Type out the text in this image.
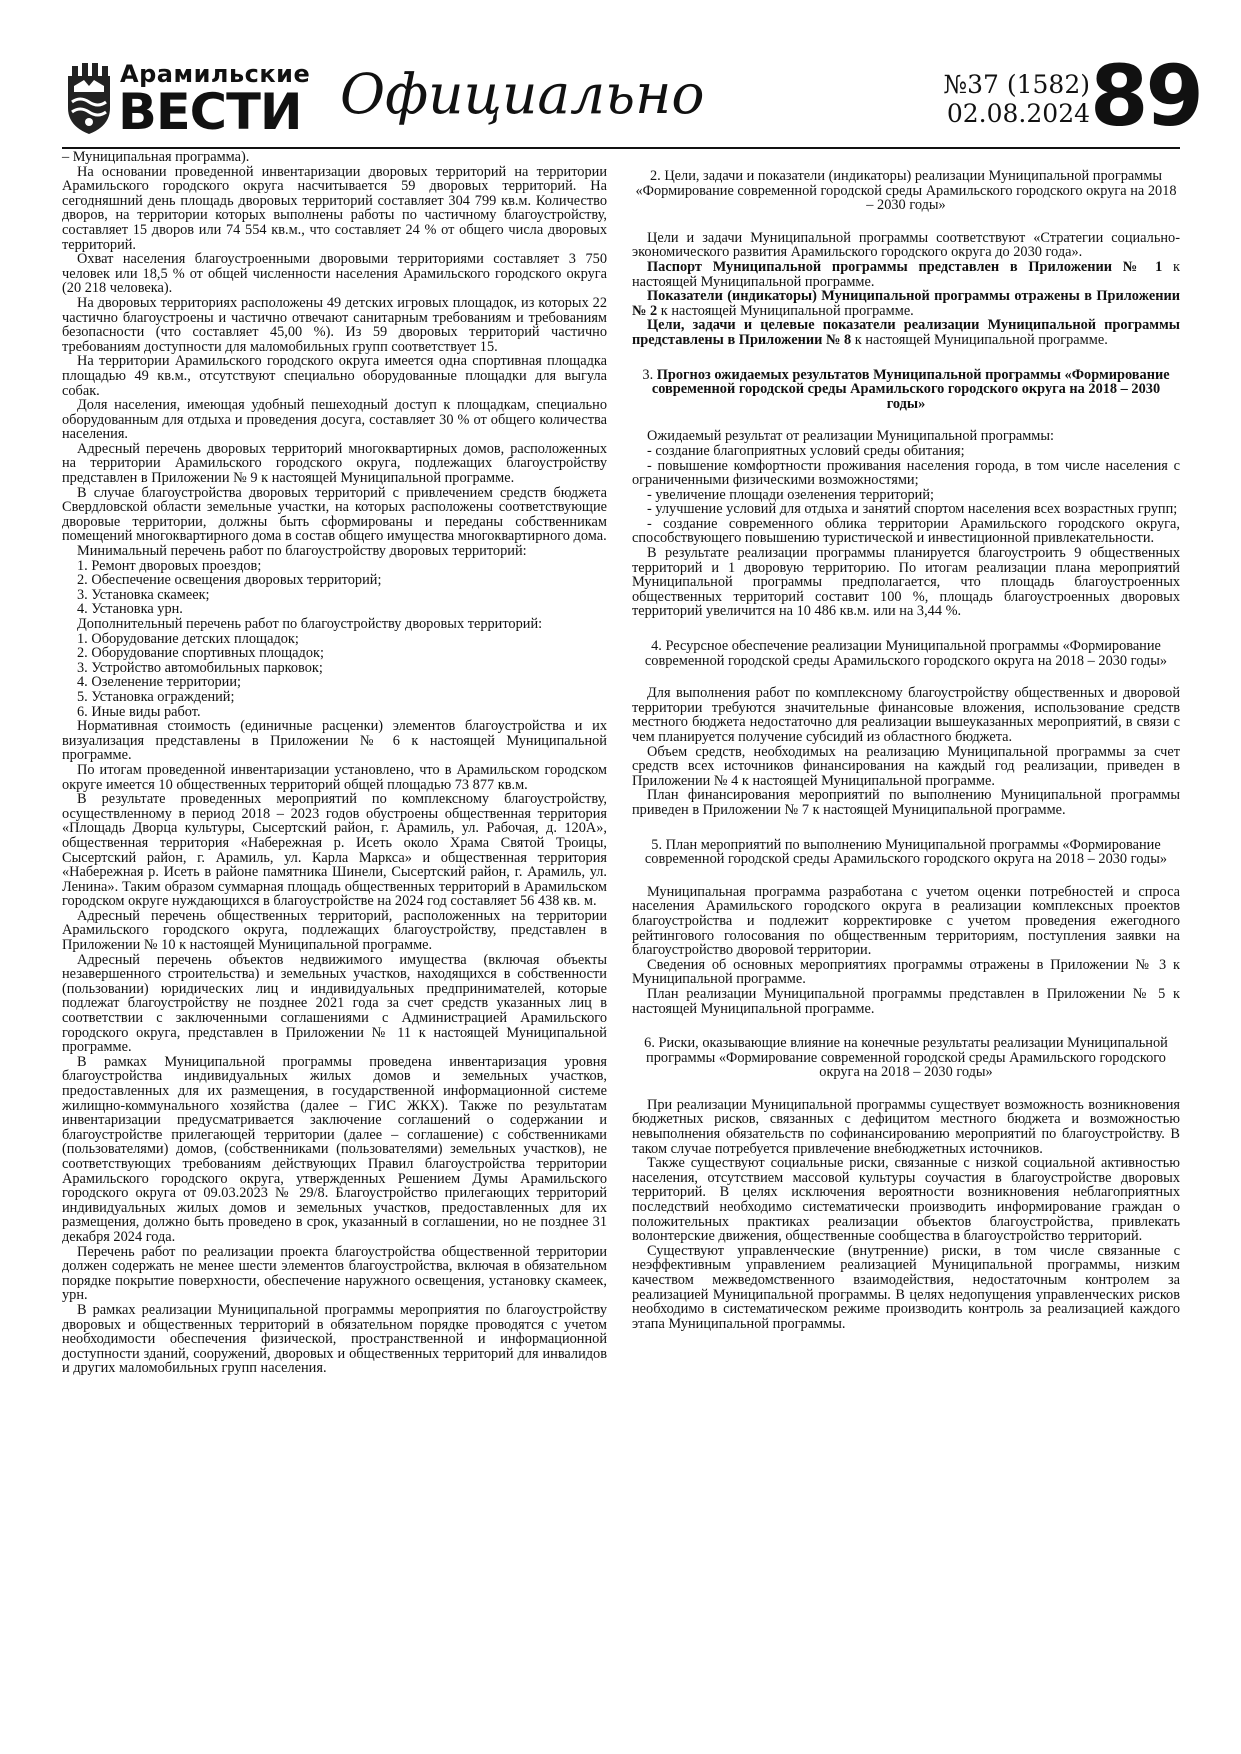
Арамильские
ВЕСТИ Официально	№37 (1582)
02.08.2024 89

– Муниципальная программа).

На основании проведенной инвентаризации дворовых территорий на территории Арамильского городского округа насчитывается 59 дворовых территорий. На сегодняшний день площадь дворовых территорий составляет 304 799 кв.м. Количество дворов, на территории которых выполнены работы по частичному благоустройству, составляет 15 дворов или 74 554 кв.м., что составляет 24 % от общего числа дворовых территорий.

Охват населения благоустроенными дворовыми территориями составляет 3 750 человек или 18,5 % от общей численности населения Арамильского городского округа (20 218 человека).

На дворовых территориях расположены 49 детских игровых площадок, из которых 22 частично благоустроены и частично отвечают санитарным требованиям и требованиям безопасности (что составляет 45,00 %). Из 59 дворовых территорий частично требованиям доступности для маломобильных групп соответствует 15.

На территории Арамильского городского округа имеется одна спортивная площадка площадью 49 кв.м., отсутствуют специально оборудованные площадки для выгула собак.

Доля населения, имеющая удобный пешеходный доступ к площадкам, специально оборудованным для отдыха и проведения досуга, составляет 30 % от общего количества населения.

Адресный перечень дворовых территорий многоквартирных домов, расположенных на территории Арамильского городского округа, подлежащих благоустройству представлен в Приложении № 9 к настоящей Муниципальной программе.

В случае благоустройства дворовых территорий с привлечением средств бюджета Свердловской области земельные участки, на которых расположены соответствующие дворовые территории, должны быть сформированы и переданы собственникам помещений многоквартирного дома в состав общего имущества многоквартирного дома.

Минимальный перечень работ по благоустройству дворовых территорий:

1. Ремонт дворовых проездов;

2. Обеспечение освещения дворовых территорий;

3. Установка скамеек;

4. Установка урн.

Дополнительный перечень работ по благоустройству дворовых территорий:

1. Оборудование детских площадок;

2. Оборудование спортивных площадок;

3. Устройство автомобильных парковок;

4. Озеленение территории;

5. Установка ограждений;

6. Иные виды работ.

Нормативная стоимость (единичные расценки) элементов благоустройства и их визуализация представлены в Приложении № 6 к настоящей Муниципальной программе.

По итогам проведенной инвентаризации установлено, что в Арамильском городском округе имеется 10 общественных территорий общей площадью 73 877 кв.м.

В результате проведенных мероприятий по комплексному благоустройству, осуществленному в период 2018 – 2023 годов обустроены общественная территория «Площадь Дворца культуры, Сысертский район, г. Арамиль, ул. Рабочая, д. 120А», общественная территория «Набережная р. Исеть около Храма Святой Троицы, Сысертский район, г. Арамиль, ул. Карла Маркса» и общественная территория «Набережная р. Исеть в районе памятника Шинели, Сысертский район, г. Арамиль, ул. Ленина». Таким образом суммарная площадь общественных территорий в Арамильском городском округе нуждающихся в благоустройстве на 2024 год составляет 56 438 кв. м.

Адресный перечень общественных территорий, расположенных на территории Арамильского городского округа, подлежащих благоустройству, представлен в Приложении № 10 к настоящей Муниципальной программе.

Адресный перечень объектов недвижимого имущества (включая объекты незавершенного строительства) и земельных участков, находящихся в собственности (пользовании) юридических лиц и индивидуальных предпринимателей, которые подлежат благоустройству не позднее 2021 года за счет средств указанных лиц в соответствии с заключенными соглашениями с Администрацией Арамильского городского округа, представлен в Приложении № 11 к настоящей Муниципальной программе.

В рамках Муниципальной программы проведена инвентаризация уровня благоустройства индивидуальных жилых домов и земельных участков, предоставленных для их размещения, в государственной информационной системе жилищно-коммунального хозяйства (далее – ГИС ЖКХ). Также по результатам инвентаризации предусматривается заключение соглашений о содержании и благоустройстве прилегающей территории (далее – соглашение) с собственниками (пользователями) домов, (собственниками (пользователями) земельных участков), не соответствующих требованиям действующих Правил благоустройства территории Арамильского городского округа, утвержденных Решением Думы Арамильского городского округа от 09.03.2023 № 29/8. Благоустройство прилегающих территорий индивидуальных жилых домов и земельных участков, предоставленных для их размещения, должно быть проведено в срок, указанный в соглашении, но не позднее 31 декабря 2024 года.

Перечень работ по реализации проекта благоустройства общественной территории должен содержать не менее шести элементов благоустройства, включая в обязательном порядке покрытие поверхности, обеспечение наружного освещения, установку скамеек, урн.

В рамках реализации Муниципальной программы мероприятия по благоустройству дворовых и общественных территорий в обязательном порядке проводятся с учетом необходимости обеспечения физической, пространственной и информационной доступности зданий, сооружений, дворовых и общественных территорий для инвалидов и других маломобильных групп населения.

2. Цели, задачи и показатели (индикаторы) реализации Муниципальной программы «Формирование современной городской среды Арамильского городского округа на 2018 – 2030 годы»

Цели и задачи Муниципальной программы соответствуют «Стратегии социально-экономического развития Арамильского городского округа до 2030 года».

Паспорт Муниципальной программы представлен в Приложении № 1 к настоящей Муниципальной программе.

Показатели (индикаторы) Муниципальной программы отражены в Приложении № 2 к настоящей Муниципальной программе.

Цели, задачи и целевые показатели реализации Муниципальной программы представлены в Приложении № 8 к настоящей Муниципальной программе.

3. Прогноз ожидаемых результатов Муниципальной программы «Формирование современной городской среды Арамильского городского округа на 2018 – 2030 годы»

Ожидаемый результат от реализации Муниципальной программы:

- создание благоприятных условий среды обитания;

- повышение комфортности проживания населения города, в том числе населения с ограниченными физическими возможностями;

- увеличение площади озеленения территорий;

- улучшение условий для отдыха и занятий спортом населения всех возрастных групп;

- создание современного облика территории Арамильского городского округа, способствующего повышению туристической и инвестиционной привлекательности.

В результате реализации программы планируется благоустроить 9 общественных территорий и 1 дворовую территорию. По итогам реализации плана мероприятий Муниципальной программы предполагается, что площадь благоустроенных общественных территорий составит 100 %, площадь благоустроенных дворовых территорий увеличится на 10 486 кв.м. или на 3,44 %.

4. Ресурсное обеспечение реализации Муниципальной программы «Формирование современной городской среды Арамильского городского округа на 2018 – 2030 годы»

Для выполнения работ по комплексному благоустройству общественных и дворовой территории требуются значительные финансовые вложения, использование средств местного бюджета недостаточно для реализации вышеуказанных мероприятий, в связи с чем планируется получение субсидий из областного бюджета.

Объем средств, необходимых на реализацию Муниципальной программы за счет средств всех источников финансирования на каждый год реализации, приведен в Приложении № 4 к настоящей Муниципальной программе.

План финансирования мероприятий по выполнению Муниципальной программы приведен в Приложении № 7 к настоящей Муниципальной программе.

5. План мероприятий по выполнению Муниципальной программы «Формирование современной городской среды Арамильского городского округа на 2018 – 2030 годы»

Муниципальная программа разработана с учетом оценки потребностей и спроса населения Арамильского городского округа в реализации комплексных проектов благоустройства и подлежит корректировке с учетом проведения ежегодного рейтингового голосования по общественным территориям, поступления заявки на благоустройство дворовой территории.

Сведения об основных мероприятиях программы отражены в Приложении № 3 к Муниципальной программе.

План реализации Муниципальной программы представлен в Приложении № 5 к настоящей Муниципальной программе.

6. Риски, оказывающие влияние на конечные результаты реализации Муниципальной программы «Формирование современной городской среды Арамильского городского округа на 2018 – 2030 годы»

При реализации Муниципальной программы существует возможность возникновения бюджетных рисков, связанных с дефицитом местного бюджета и возможностью невыполнения обязательств по софинансированию мероприятий по благоустройству. В таком случае потребуется привлечение внебюджетных источников.

Также существуют социальные риски, связанные с низкой социальной активностью населения, отсутствием массовой культуры соучастия в благоустройстве дворовых территорий. В целях исключения вероятности возникновения неблагоприятных последствий необходимо систематически производить информирование граждан о положительных практиках реализации объектов благоустройства, привлекать волонтерские движения, общественные сообщества в благоустройство территорий.

Существуют управленческие (внутренние) риски, в том числе связанные с неэффективным управлением реализацией Муниципальной программы, низким качеством межведомственного взаимодействия, недостаточным контролем за реализацией Муниципальной программы. В целях недопущения управленческих рисков необходимо в систематическом режиме производить контроль за реализацией каждого этапа Муниципальной программы.
